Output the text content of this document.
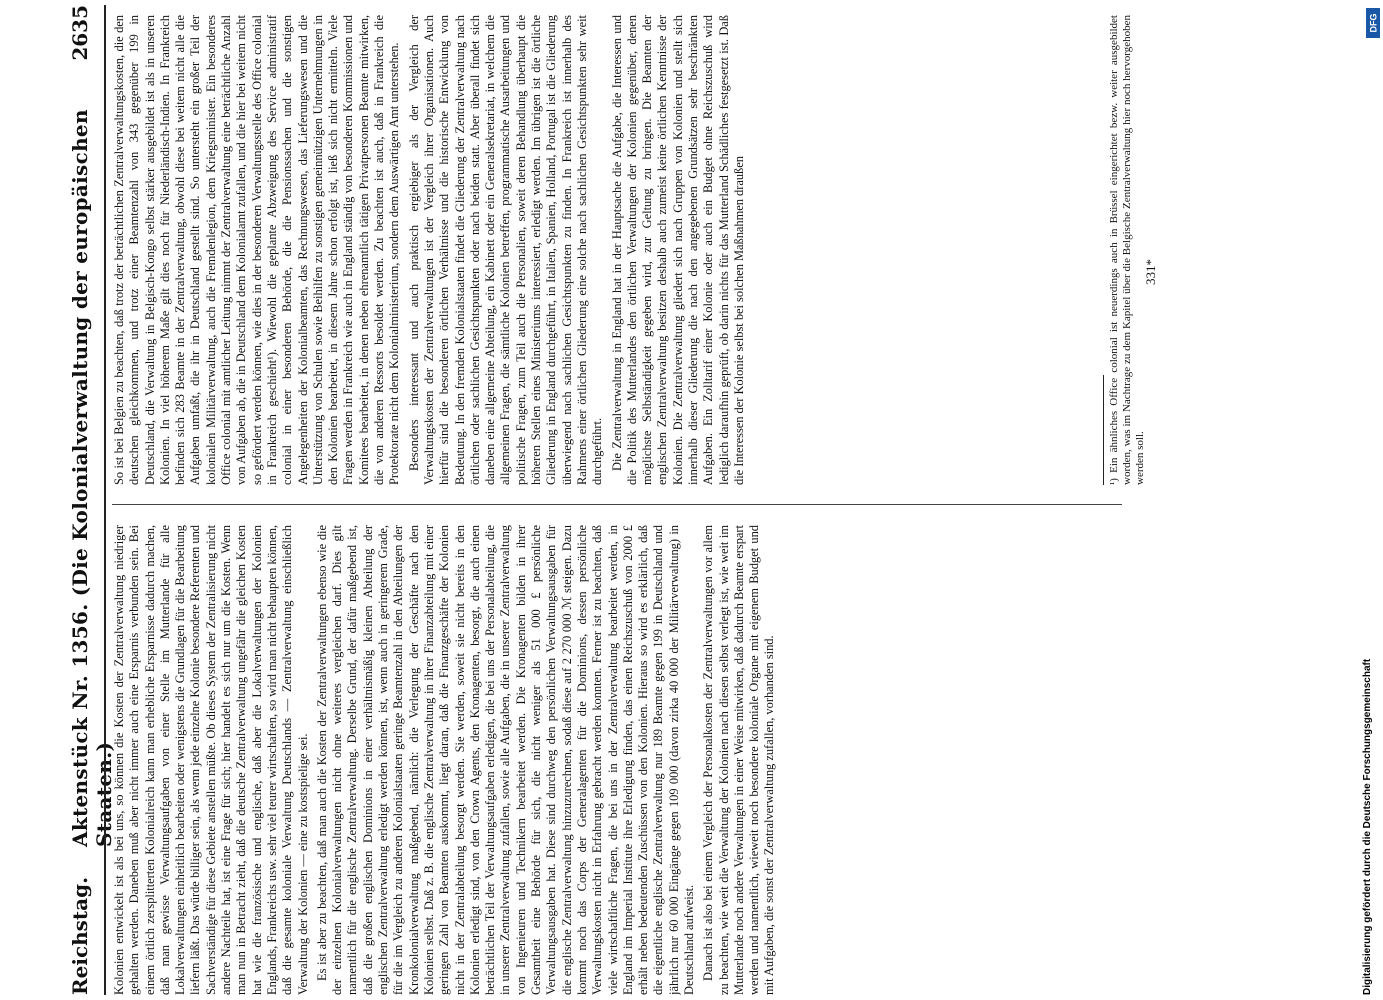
Reichstag.
Aktenstück Nr. 1356. (Die Kolonialverwaltung der europäischen Staaten.)
2635

Kolonien entwickelt ist als bei uns, so können die Kosten der Zentralverwaltung niedriger gehalten werden. Daneben muß aber nicht immer auch eine Ersparnis verbunden sein. Bei einem örtlich zersplitterten Kolonialreich kann man erhebliche Ersparnisse dadurch machen, daß man gewisse Verwaltungsaufgaben von einer Stelle im Mutterlande für alle Lokalverwaltungen einheitlich bearbeiten oder wenigstens die Grundlagen für die Bearbeitung liefern läßt. Das würde billiger sein, als wenn jede einzelne Kolonie besondere Referenten und Sachverständige für diese Gebiete anstellen müßte. Ob dieses System der Zentralisierung nicht andere Nachteile hat, ist eine Frage für sich; hier handelt es sich nur um die Kosten. Wenn man nun in Betracht zieht, daß die deutsche Zentralverwaltung ungefähr die gleichen Kosten hat wie die französische und englische, daß aber die Lokalverwaltungen der Kolonien Englands, Frankreichs usw. sehr viel teurer wirtschaften, so wird man nicht behaupten können, daß die gesamte koloniale Verwaltung Deutschlands — Zentralverwaltung einschließlich Verwaltung der Kolonien — eine zu kostspielige sei. Es ist aber zu beachten, daß man auch die Kosten der Zentralverwaltungen ebenso wie die der einzelnen Kolonialverwaltungen nicht ohne weiteres vergleichen darf. Dies gilt namentlich für die englische Zentralverwaltung. Derselbe Grund, der dafür maßgebend ist, daß die großen englischen Dominions in einer verhältnismäßig kleinen Abteilung der englischen Zentralverwaltung erledigt werden können, ist, wenn auch in geringerem Grade, für die im Vergleich zu anderen Kolonialstaaten geringe Beamtenzahl in den Abteilungen der Kronkolonialverwaltung maßgebend, nämlich: die Verlegung der Geschäfte nach den Kolonien selbst. Daß z. B. die englische Zentralverwaltung in ihrer Finanzabteilung mit einer geringen Zahl von Beamten auskommt, liegt daran, daß die Finanzgeschäfte der Kolonien nicht in der Zentralabteilung besorgt werden. Sie werden, soweit sie nicht bereits in den Kolonien erledigt sind, von den Crown Agents, den Kronagenten, besorgt, die auch einen beträchtlichen Teil der Verwaltungsaufgaben erledigen, die bei uns der Personalabteilung, die in unserer Zentralverwaltung zufallen, sowie alle Aufgaben, die in unserer Zentralverwaltung von Ingenieuren und Technikern bearbeitet werden. Die Kronagenten bilden in ihrer Gesamtheit eine Behörde für sich, die nicht weniger als 51 000 £ persönliche Verwaltungsausgaben hat. Diese sind durchweg den persönlichen Verwaltungsausgaben für die englische Zentralverwaltung hinzuzurechnen, sodaß diese auf 2 270 000 ℳ steigen. Dazu kommt noch das Corps der Generalagenten für die Dominions, dessen persönliche Verwaltungskosten nicht in Erfahrung gebracht werden konnten. Ferner ist zu beachten, daß viele wirtschaftliche Fragen, die bei uns in der Zentralverwaltung bearbeitet werden, in England im Imperial Institute ihre Erledigung finden, das einen Reichszuschuß von 2000 £ erhält neben bedeutenden Zuschüssen von den Kolonien. Hieraus so wird es erklärlich, daß die eigentliche englische Zentralverwaltung nur 189 Beamte gegen 199 in Deutschland und jährlich nur 60 000 Eingänge gegen 109 000 (davon zirka 40 000 der Militärverwaltung) in Deutschland aufweist. Danach ist also bei einem Vergleich der Personalkosten der Zentralverwaltungen vor allem zu beachten, wie weit die Verwaltung der Kolonien nach diesen selbst verlegt ist, wie weit im Mutterlande noch andere Verwaltungen in einer Weise mitwirken, daß dadurch Beamte erspart werden und namentlich, wieweit noch besondere koloniale Organe mit eigenem Budget und mit Aufgaben, die sonst der Zentralverwaltung zufallen, vorhanden sind.

So ist bei Belgien zu beachten, daß trotz der beträchtlichen Zentralverwaltungskosten, die den deutschen gleichkommen, und trotz einer Beamtenzahl von 343 gegenüber 199 in Deutschland, die Verwaltung in Belgisch-Kongo selbst stärker ausgebildet ist als in unseren Kolonien. In viel höherem Maße gilt dies noch für Niederländisch-Indien. In Frankreich befinden sich 283 Beamte in der Zentralverwaltung, obwohl diese bei weitem nicht alle die Aufgaben umfaßt, die ihr in Deutschland gestellt sind. So untersteht ein großer Teil der kolonialen Militärverwaltung, auch die Fremdenlegion, dem Kriegsminister. Ein besonderes Office colonial mit amtlicher Leitung nimmt der Zentralverwaltung eine beträchtliche Anzahl von Aufgaben ab, die in Deutschland dem Kolonialamt zufallen, und die hier bei weitem nicht so gefördert werden können, wie dies in der besonderen Verwaltungsstelle des Office colonial in Frankreich geschieht¹). Wiewohl die geplante Abzweigung des Service administratif colonial in einer besonderen Behörde, die die Pensionssachen und die sonstigen Angelegenheiten der Kolonialbeamten, das Rechnungswesen, das Lieferungswesen und die Unterstützung von Schulen sowie Beihilfen zu sonstigen gemeinnützigen Unternehmungen in den Kolonien bearbeitet, in diesem Jahre schon erfolgt ist, ließ sich nicht ermitteln. Viele Fragen werden in Frankreich wie auch in England ständig von besonderen Kommissionen und Komitees bearbeitet, in denen neben ehrenamtlich tätigen Privatpersonen Beamte mitwirken, die von anderen Ressorts besoldet werden. Zu beachten ist auch, daß in Frankreich die Protektorate nicht dem Kolonialministerium, sondern dem Auswärtigen Amt unterstehen. Besonders interessant und auch praktisch ergiebiger als der Vergleich der Verwaltungskosten der Zentralverwaltungen ist der Vergleich ihrer Organisationen. Auch hierfür sind die besonderen örtlichen Verhältnisse und die historische Entwicklung von Bedeutung. In den fremden Kolonialstaaten findet die Gliederung der Zentralverwaltung nach örtlichen oder sachlichen Gesichtspunkten oder nach beiden statt. Aber überall findet sich daneben eine allgemeine Abteilung, ein Kabinett oder ein Generalsekretariat, in welchem die allgemeinen Fragen, die sämtliche Kolonien betreffen, programmatische Ausarbeitungen und politische Fragen, zum Teil auch die Personalien, soweit deren Behandlung überhaupt die höheren Stellen eines Ministeriums interessiert, erledigt werden. Im übrigen ist die örtliche Gliederung in England durchgeführt, in Italien, Spanien, Holland, Portugal ist die Gliederung überwiegend nach sachlichen Gesichtspunkten zu finden. In Frankreich ist innerhalb des Rahmens einer örtlichen Gliederung eine solche nach sachlichen Gesichtspunkten sehr weit durchgeführt. Die Zentralverwaltung in England hat in der Hauptsache die Aufgabe, die Interessen und die Politik des Mutterlandes den örtlichen Verwaltungen der Kolonien gegenüber, denen möglichste Selbständigkeit gegeben wird, zur Geltung zu bringen. Die Beamten der englischen Zentralverwaltung besitzen deshalb auch zumeist keine örtlichen Kenntnisse der Kolonien. Die Zentralverwaltung gliedert sich nach Gruppen von Kolonien und stellt sich innerhalb dieser Gliederung die nach den angegebenen Grundsätzen sehr beschränkten Aufgaben. Ein Zolltarif einer Kolonie oder auch ein Budget ohne Reichszuschuß wird lediglich daraufhin geprüft, ob darin nichts für das Mutterland Schädliches festgesetzt ist. Daß die Interessen der Kolonie selbst bei solchen Maßnahmen draußen	¹) Ein ähnliches Office colonial ist neuerdings auch in Brüssel eingerichtet bezw. weiter ausgebildet worden, was im Nachtrage zu dem Kapitel über die Belgische Zentralverwaltung hier noch hervorgehoben werden soll.
331*
Digitalisierung gefördert durch die Deutsche Forschungsgemeinschaft
DFG
